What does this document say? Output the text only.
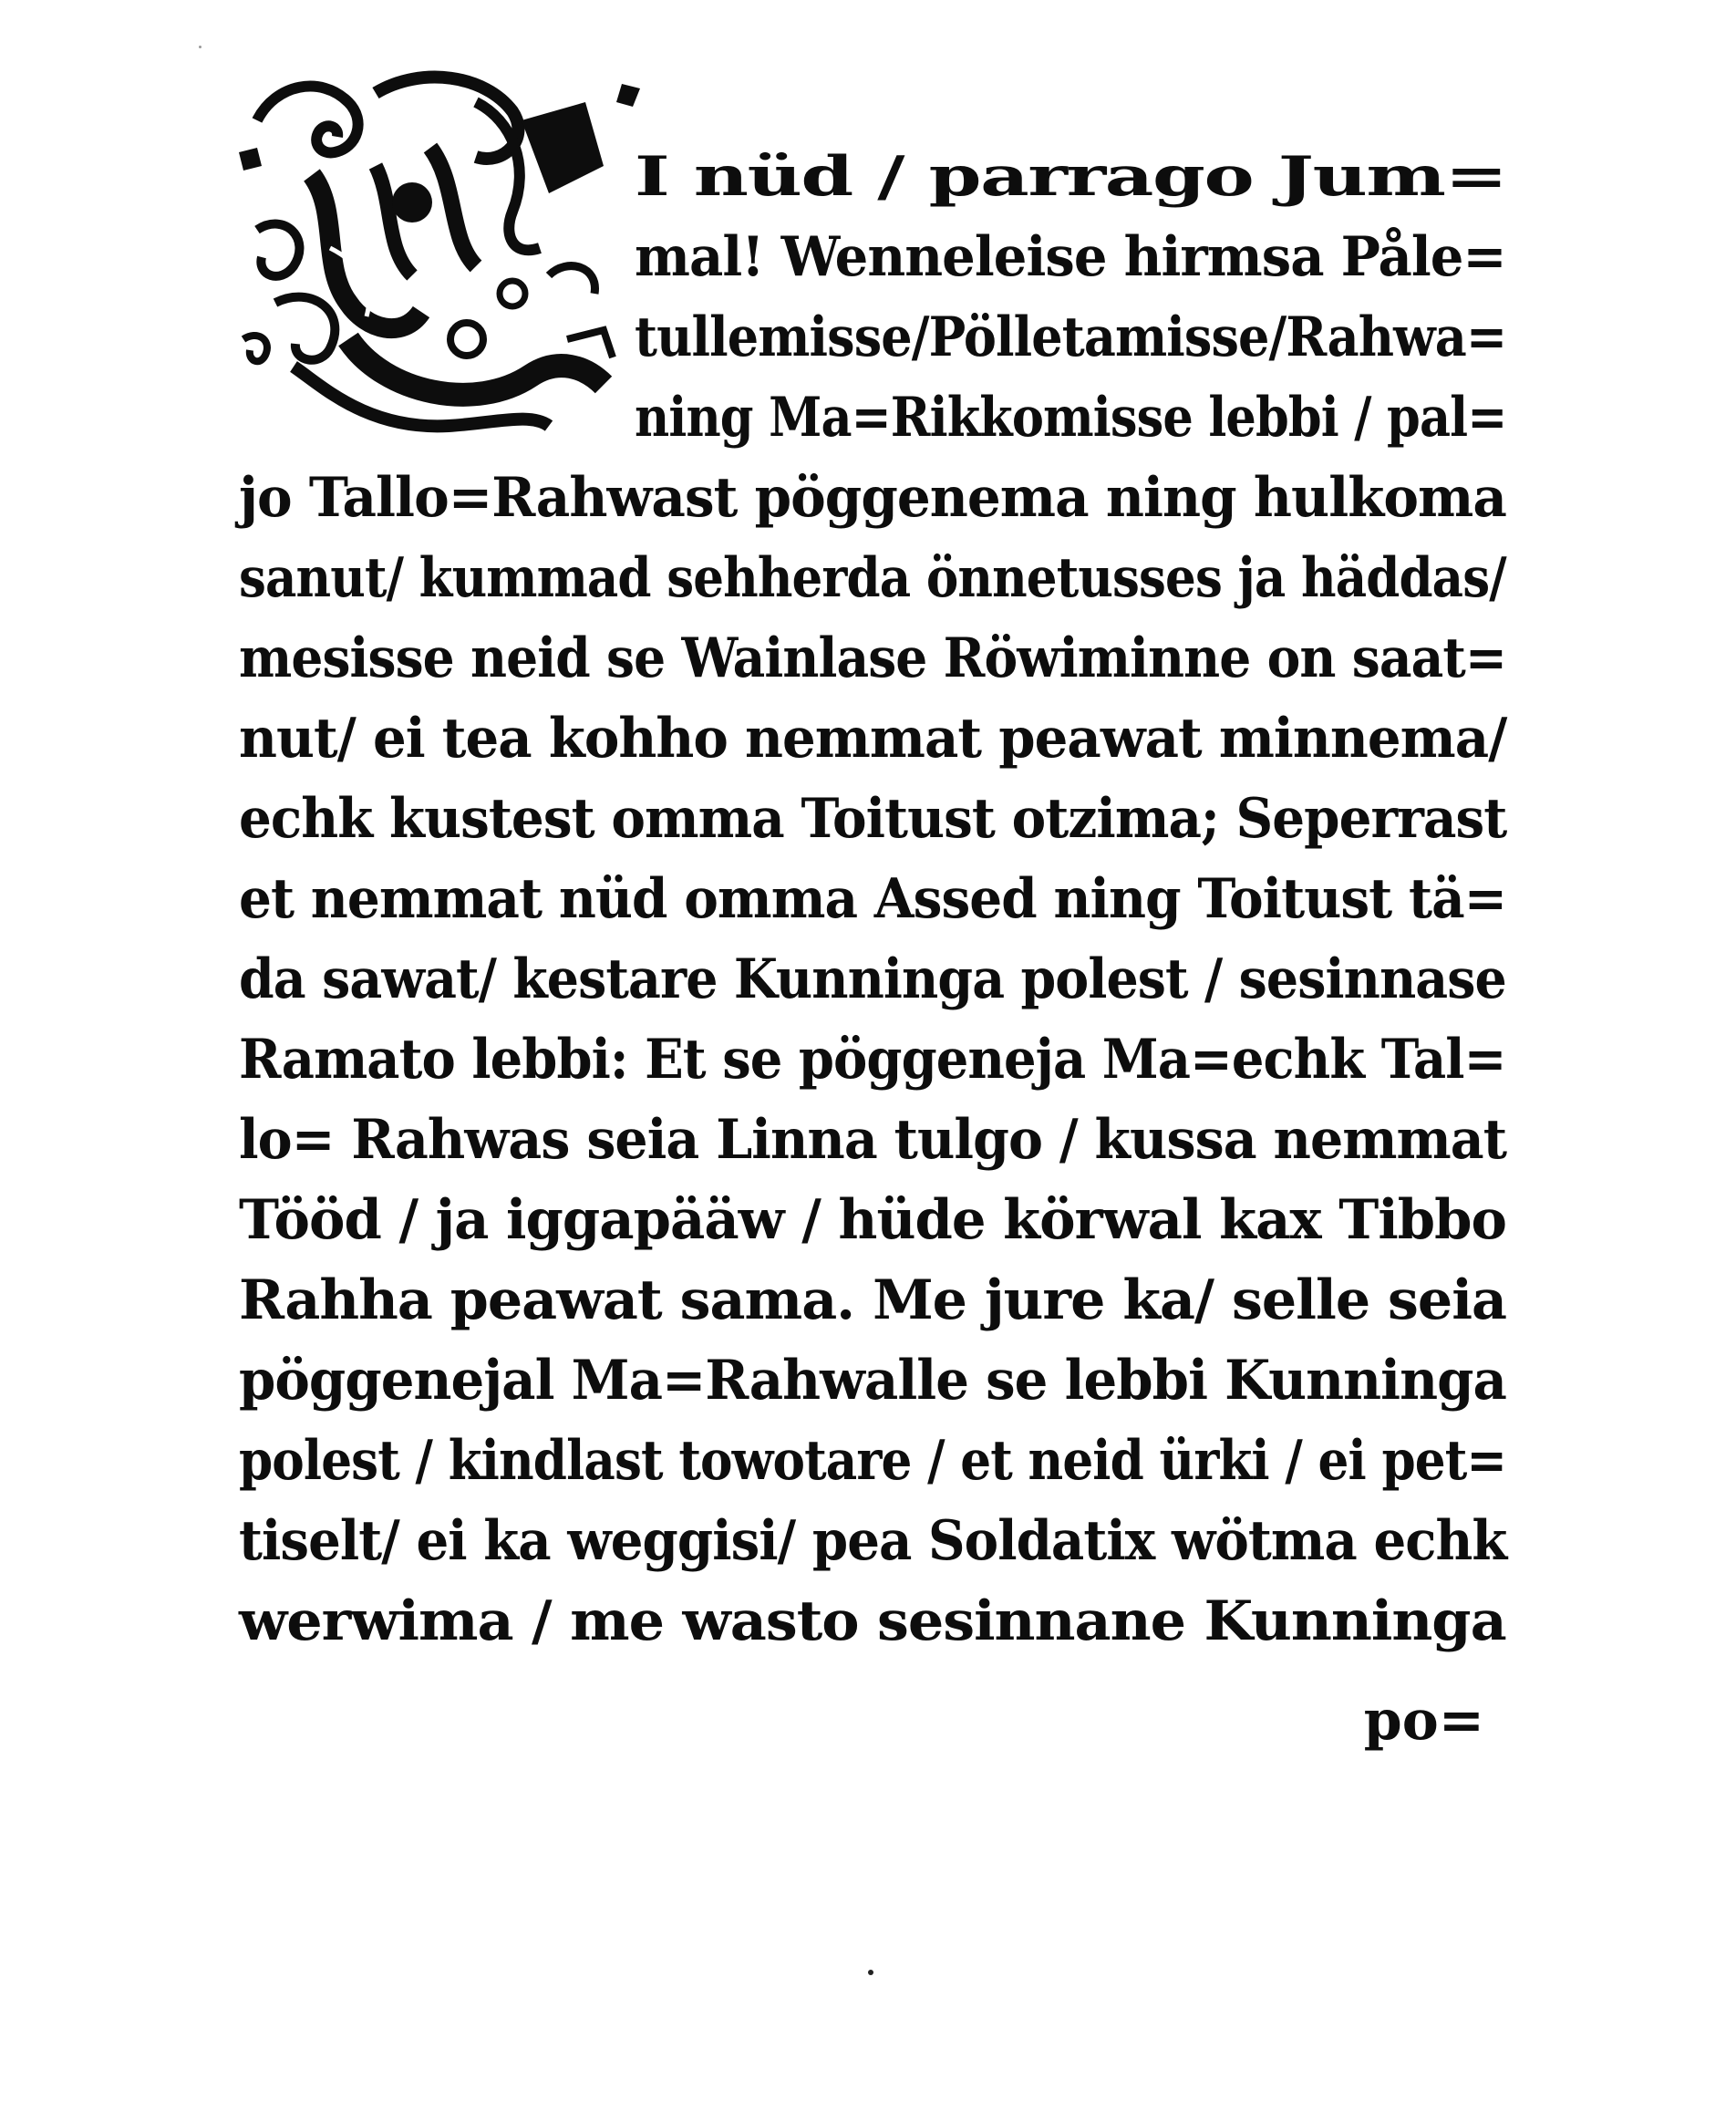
I nüd / parrago Jum=
mal! Wenneleise hirmsa Påle=
tullemisse/Pölletamisse/Rahwa=
ning Ma=Rikkomisse lebbi / pal=
jo Tallo=Rahwast pöggenema ning hulkoma
sanut/ kummad sehherda önnetusses ja häddas/
mesisse neid se Wainlase Röwiminne on saat=
nut/ ei tea kohho nemmat peawat minnema/
echk kustest omma Toitust otzima; Seperrast
et nemmat nüd omma Assed ning Toitust tä=
da sawat/ kestare Kunninga polest / sesinnase
Ramato lebbi: Et se pöggeneja Ma=echk Tal=
lo= Rahwas seia Linna tulgo / kussa nemmat
Tööd / ja iggapääw / hüde körwal kax Tibbo
Rahha peawat sama. Me jure ka/ selle seia
pöggenejal Ma=Rahwalle se lebbi Kunninga
polest / kindlast towotare / et neid ürki / ei pet=
tiselt/ ei ka weggisi/ pea Soldatix wötma echk
werwima / me wasto sesinnane Kunninga
po=
